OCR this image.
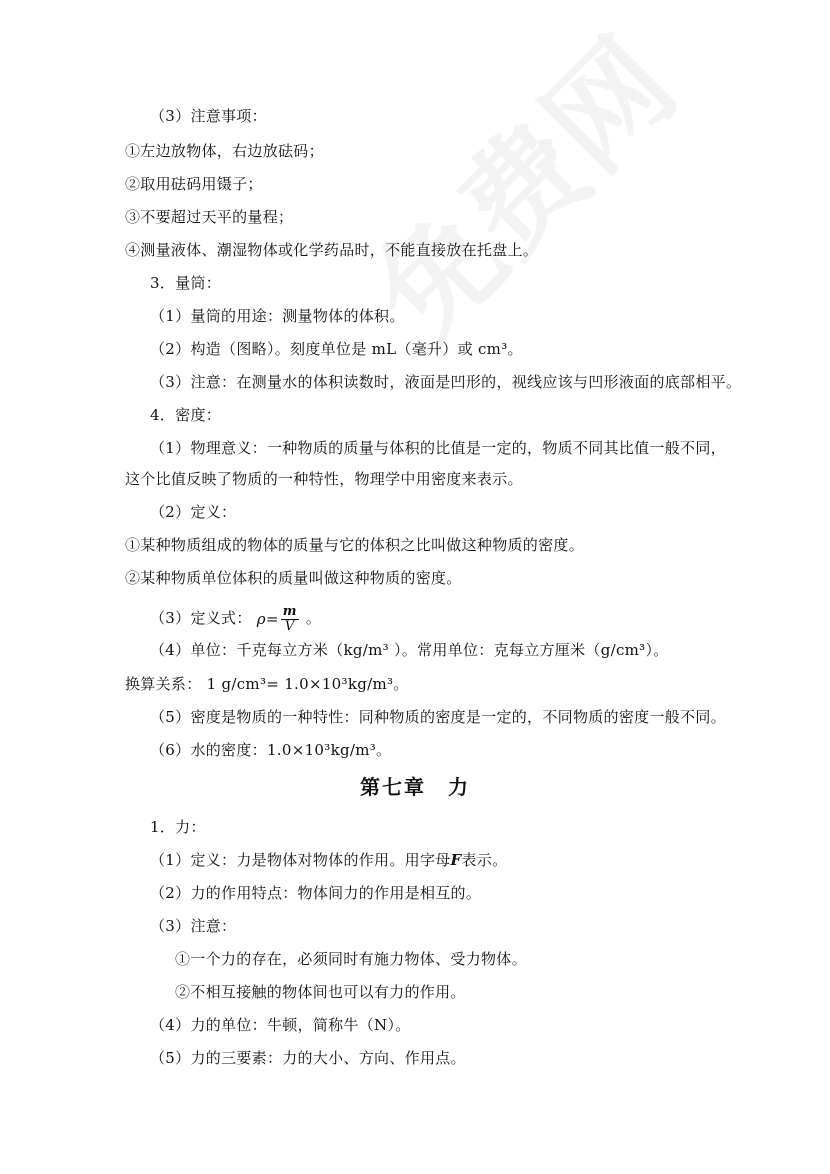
（3）注意事项：
①左边放物体，右边放砝码；
②取用砝码用镊子；
③不要超过天平的量程；
④测量液体、潮湿物体或化学药品时，不能直接放在托盘上。
3．量筒：
（1）量筒的用途：测量物体的体积。
（2）构造（图略）。刻度单位是 mL（毫升）或 cm³。
（3）注意：在测量水的体积读数时，液面是凹形的，视线应该与凹形液面的底部相平。
4．密度：
（1）物理意义：一种物质的质量与体积的比值是一定的，物质不同其比值一般不同，
这个比值反映了物质的一种特性，物理学中用密度来表示。
（2）定义：
①某种物质组成的物体的质量与它的体积之比叫做这种物质的密度。
②某种物质单位体积的质量叫做这种物质的密度。
（3）定义式： $\rho= \frac{m}{V}$ 。
（4）单位：千克每立方米（kg/m³ ）。常用单位：克每立方厘米（g/cm³）。
换算关系： 1 g/cm³= 1.0×10³kg/m³。
（5）密度是物质的一种特性：同种物质的密度是一定的，不同物质的密度一般不同。
（6）水的密度：1.0×10³kg/m³。
第七章　力
1．力：
（1）定义：力是物体对物体的作用。用字母F表示。
（2）力的作用特点：物体间力的作用是相互的。
（3）注意：
①一个力的存在，必须同时有施力物体、受力物体。
②不相互接触的物体间也可以有力的作用。
（4）力的单位：牛顿，简称牛（N）。
（5）力的三要素：力的大小、方向、作用点。
